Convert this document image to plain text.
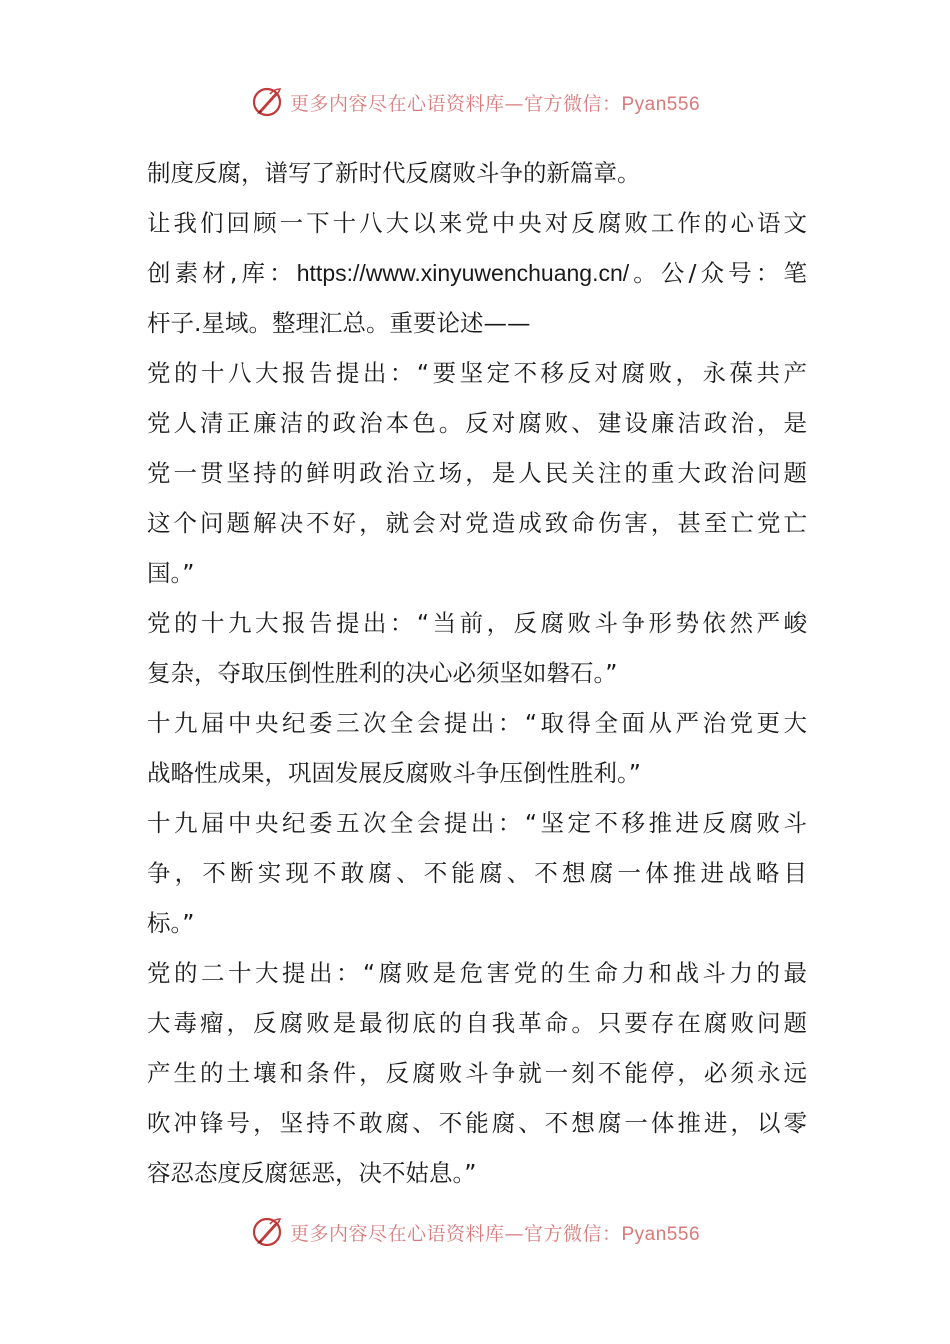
更多内容尽在心语资料库—官方微信：Pyan556
制度反腐，谱写了新时代反腐败斗争的新篇章。
让我们回顾一下十八大以来党中央对反腐败工作的心语文
创素材,库：https://www.xinyuwenchuang.cn/。公/众号：笔
杆子.星域。整理汇总。重要论述——
党的十八大报告提出：“要坚定不移反对腐败，永葆共产
党人清正廉洁的政治本色。反对腐败、建设廉洁政治，是
党一贯坚持的鲜明政治立场，是人民关注的重大政治问题
这个问题解决不好，就会对党造成致命伤害，甚至亡党亡
国。”
党的十九大报告提出：“当前，反腐败斗争形势依然严峻
复杂，夺取压倒性胜利的决心必须坚如磐石。”
十九届中央纪委三次全会提出：“取得全面从严治党更大
战略性成果，巩固发展反腐败斗争压倒性胜利。”
十九届中央纪委五次全会提出：“坚定不移推进反腐败斗
争，不断实现不敢腐、不能腐、不想腐一体推进战略目
标。”
党的二十大提出：“腐败是危害党的生命力和战斗力的最
大毒瘤，反腐败是最彻底的自我革命。只要存在腐败问题
产生的土壤和条件，反腐败斗争就一刻不能停，必须永远
吹冲锋号，坚持不敢腐、不能腐、不想腐一体推进，以零
容忍态度反腐惩恶，决不姑息。”
更多内容尽在心语资料库—官方微信：Pyan556
